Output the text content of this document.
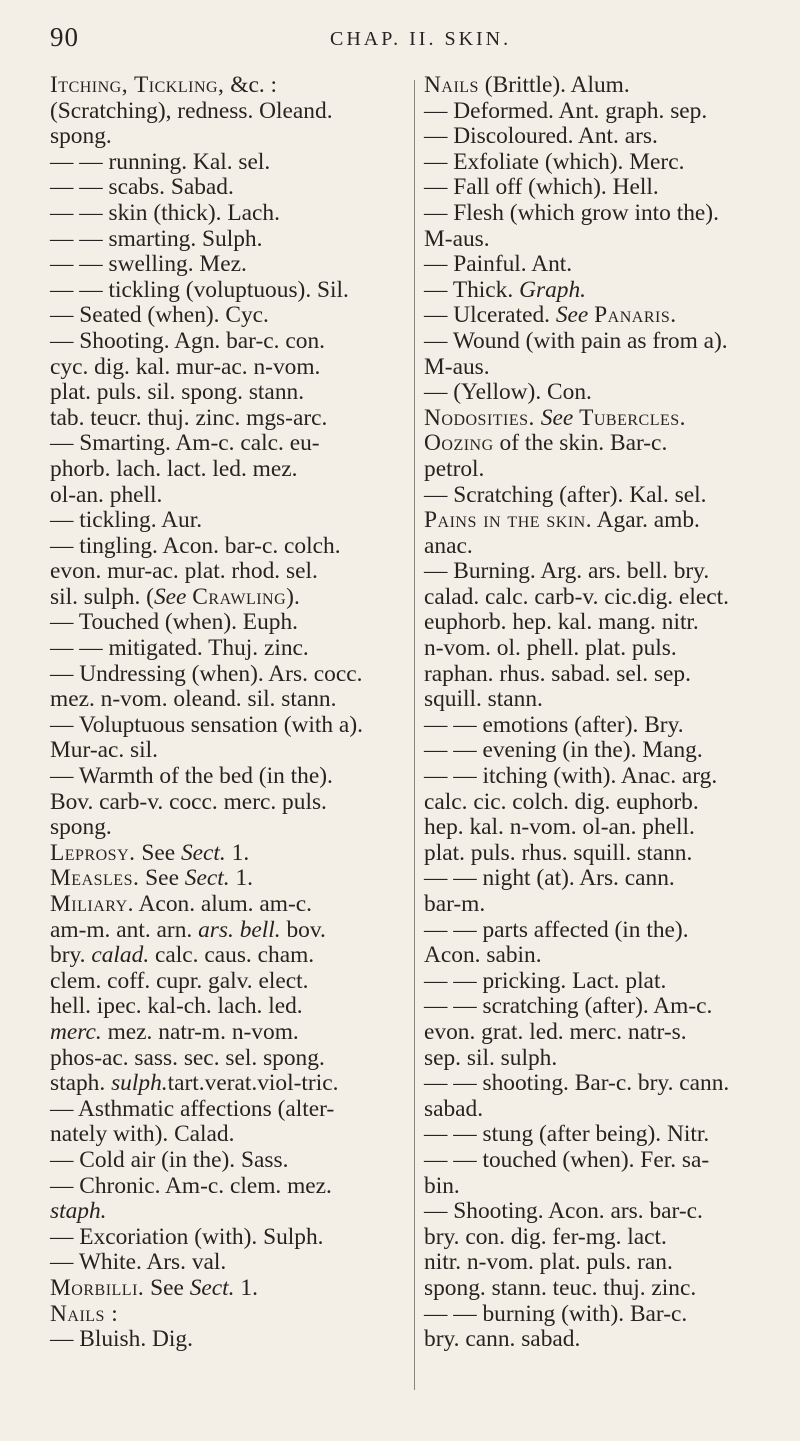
90	CHAP. II. SKIN.
Itching, Tickling, &c. :
(Scratching), redness. Oleand.
spong.
— — running. Kal. sel.
— — scabs. Sabad.
— — skin (thick). Lach.
— — smarting. Sulph.
— — swelling. Mez.
— — tickling (voluptuous). Sil.
— Seated (when). Cyc.
— Shooting. Agn. bar-c. con.
cyc. dig. kal. mur-ac. n-vom.
plat. puls. sil. spong. stann.
tab. teucr. thuj. zinc. mgs-arc.
— Smarting. Am-c. calc. eu-
phorb. lach. lact. led. mez.
ol-an. phell.
— tickling. Aur.
— tingling. Acon. bar-c. colch.
evon. mur-ac. plat. rhod. sel.
sil. sulph. (See Crawling).
— Touched (when). Euph.
— — mitigated. Thuj. zinc.
— Undressing (when). Ars. cocc.
mez. n-vom. oleand. sil. stann.
— Voluptuous sensation (with a).
Mur-ac. sil.
— Warmth of the bed (in the).
Bov. carb-v. cocc. merc. puls.
spong.
Leprosy. See Sect. 1.
Measles. See Sect. 1.
Miliary. Acon. alum. am-c.
am-m. ant. arn. ars. bell. bov.
bry. calad. calc. caus. cham.
clem. coff. cupr. galv. elect.
hell. ipec. kal-ch. lach. led.
merc. mez. natr-m. n-vom.
phos-ac. sass. sec. sel. spong.
staph. sulph.tart.verat.viol-tric.
— Asthmatic affections (alter-
nately with). Calad.
— Cold air (in the). Sass.
— Chronic. Am-c. clem. mez.
staph.
— Excoriation (with). Sulph.
— White. Ars. val.
Morbilli. See Sect. 1.
Nails :
— Bluish. Dig.
Nails (Brittle). Alum.
— Deformed. Ant. graph. sep.
— Discoloured. Ant. ars.
— Exfoliate (which). Merc.
— Fall off (which). Hell.
— Flesh (which grow into the).
M-aus.
— Painful. Ant.
— Thick. Graph.
— Ulcerated. See Panaris.
— Wound (with pain as from a).
M-aus.
— (Yellow). Con.
Nodosities. See Tubercles.
Oozing of the skin. Bar-c.
petrol.
— Scratching (after). Kal. sel.
Pains in the skin. Agar. amb.
anac.
— Burning. Arg. ars. bell. bry.
calad. calc. carb-v. cic.dig. elect.
euphorb. hep. kal. mang. nitr.
n-vom. ol. phell. plat. puls.
raphan. rhus. sabad. sel. sep.
squill. stann.
— — emotions (after). Bry.
— — evening (in the). Mang.
— — itching (with). Anac. arg.
calc. cic. colch. dig. euphorb.
hep. kal. n-vom. ol-an. phell.
plat. puls. rhus. squill. stann.
— — night (at). Ars. cann.
bar-m.
— — parts affected (in the).
Acon. sabin.
— — pricking. Lact. plat.
— — scratching (after). Am-c.
evon. grat. led. merc. natr-s.
sep. sil. sulph.
— — shooting. Bar-c. bry. cann.
sabad.
— — stung (after being). Nitr.
— — touched (when). Fer. sa-
bin.
— Shooting. Acon. ars. bar-c.
bry. con. dig. fer-mg. lact.
nitr. n-vom. plat. puls. ran.
spong. stann. teuc. thuj. zinc.
— — burning (with). Bar-c.
bry. cann. sabad.
